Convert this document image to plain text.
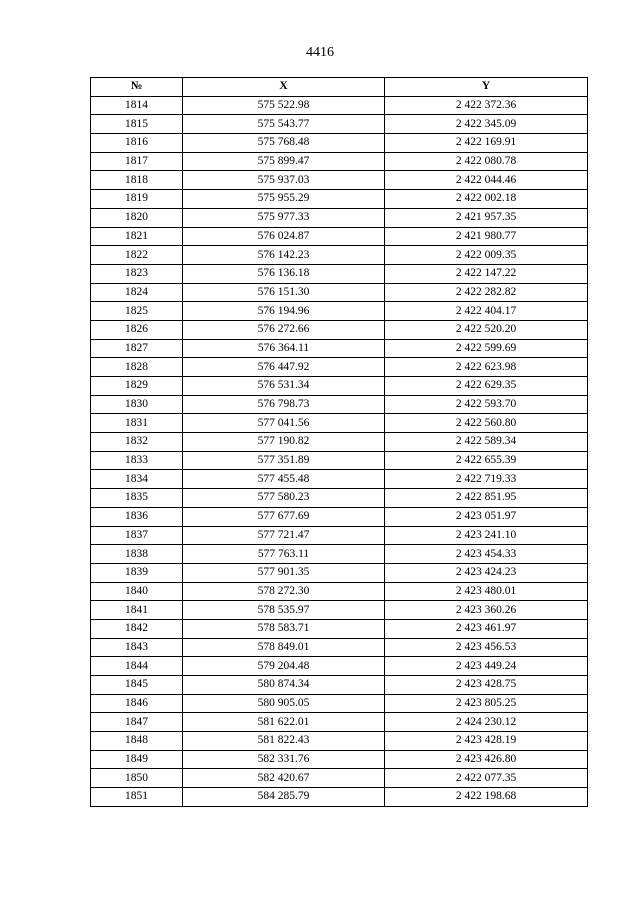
4416
№	X	Y
1814	575 522.98	2 422 372.36
1815	575 543.77	2 422 345.09
1816	575 768.48	2 422 169.91
1817	575 899.47	2 422 080.78
1818	575 937.03	2 422 044.46
1819	575 955.29	2 422 002.18
1820	575 977.33	2 421 957.35
1821	576 024.87	2 421 980.77
1822	576 142.23	2 422 009.35
1823	576 136.18	2 422 147.22
1824	576 151.30	2 422 282.82
1825	576 194.96	2 422 404.17
1826	576 272.66	2 422 520.20
1827	576 364.11	2 422 599.69
1828	576 447.92	2 422 623.98
1829	576 531.34	2 422 629.35
1830	576 798.73	2 422 593.70
1831	577 041.56	2 422 560.80
1832	577 190.82	2 422 589.34
1833	577 351.89	2 422 655.39
1834	577 455.48	2 422 719.33
1835	577 580.23	2 422 851.95
1836	577 677.69	2 423 051.97
1837	577 721.47	2 423 241.10
1838	577 763.11	2 423 454.33
1839	577 901.35	2 423 424.23
1840	578 272.30	2 423 480.01
1841	578 535.97	2 423 360.26
1842	578 583.71	2 423 461.97
1843	578 849.01	2 423 456.53
1844	579 204.48	2 423 449.24
1845	580 874.34	2 423 428.75
1846	580 905.05	2 423 805.25
1847	581 622.01	2 424 230.12
1848	581 822.43	2 423 428.19
1849	582 331.76	2 423 426.80
1850	582 420.67	2 422 077.35
1851	584 285.79	2 422 198.68
